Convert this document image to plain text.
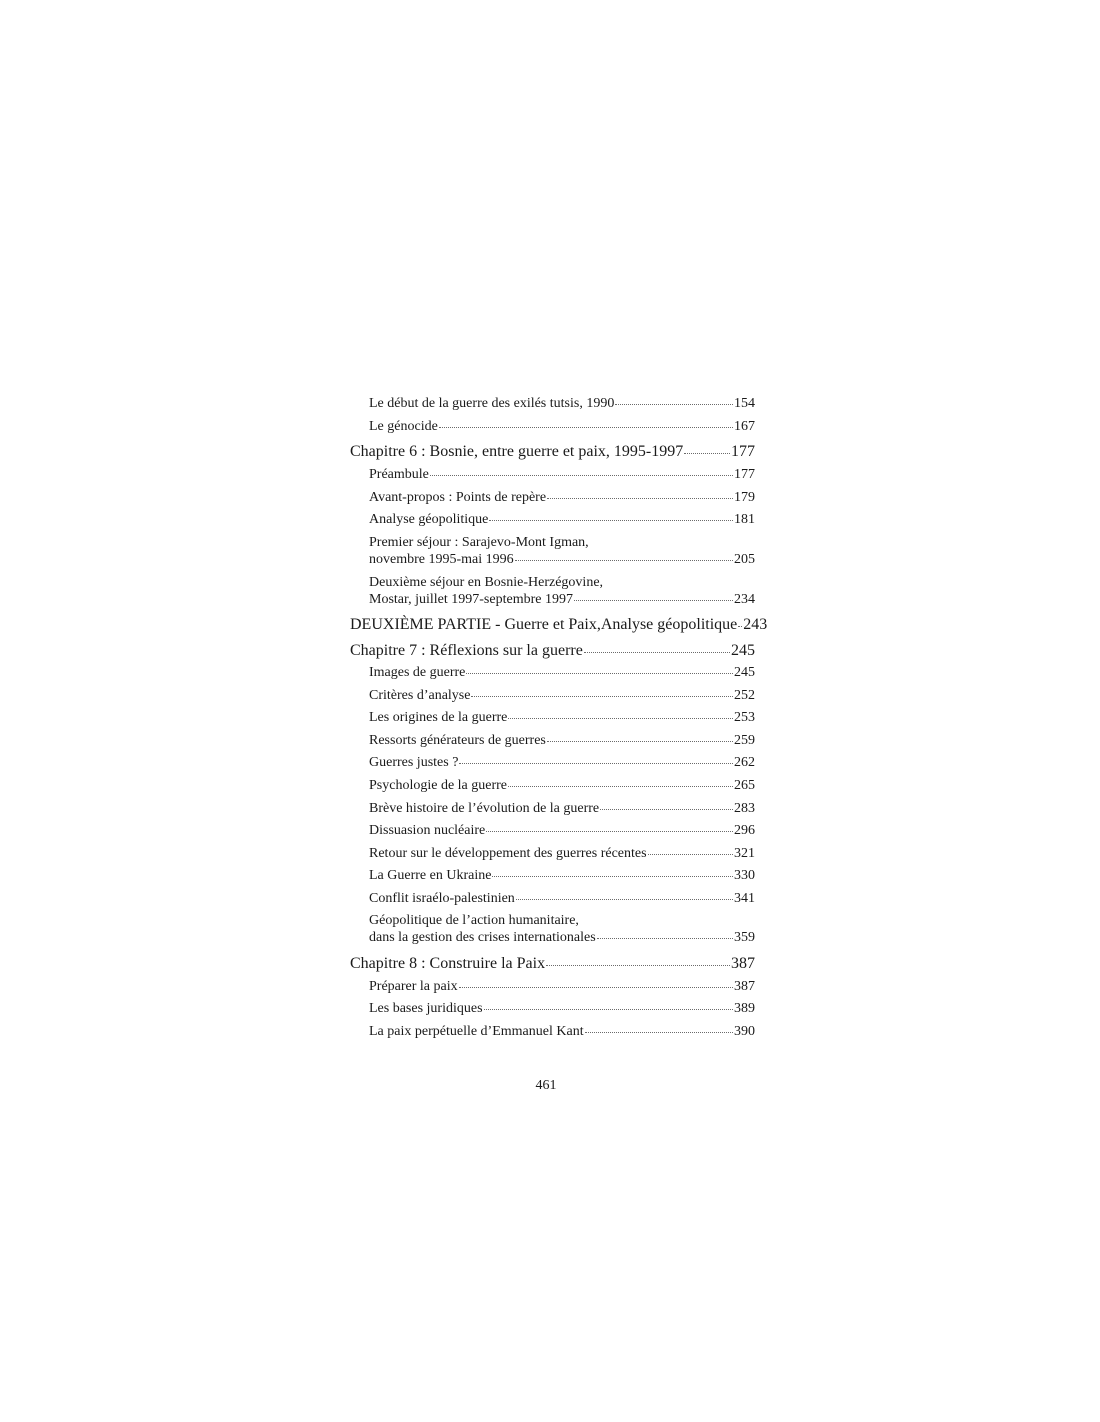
Le début de la guerre des exilés tutsis, 1990	154
Le génocide	167
Chapitre 6 : Bosnie, entre guerre et paix, 1995-1997	177
Préambule	177
Avant-propos : Points de repère	179
Analyse géopolitique	181
Premier séjour : Sarajevo-Mont Igman,
novembre 1995-mai 1996	205
Deuxième séjour en Bosnie-Herzégovine,
Mostar, juillet 1997-septembre 1997	234
DEUXIÈME PARTIE - Guerre et Paix,Analyse géopolitique 243
Chapitre 7 : Réflexions sur la guerre	245
Images de guerre	245
Critères d’analyse	252
Les origines de la guerre	253
Ressorts générateurs de guerres	259
Guerres justes ?	262
Psychologie de la guerre	265
Brève histoire de l’évolution de la guerre	283
Dissuasion nucléaire	296
Retour sur le développement des guerres récentes	321
La Guerre en Ukraine	330
Conflit israélo-palestinien	341
Géopolitique de l’action humanitaire,
dans la gestion des crises internationales	359
Chapitre 8 : Construire la Paix	387
Préparer la paix	387
Les bases juridiques	389
La paix perpétuelle d’Emmanuel Kant	390
461
